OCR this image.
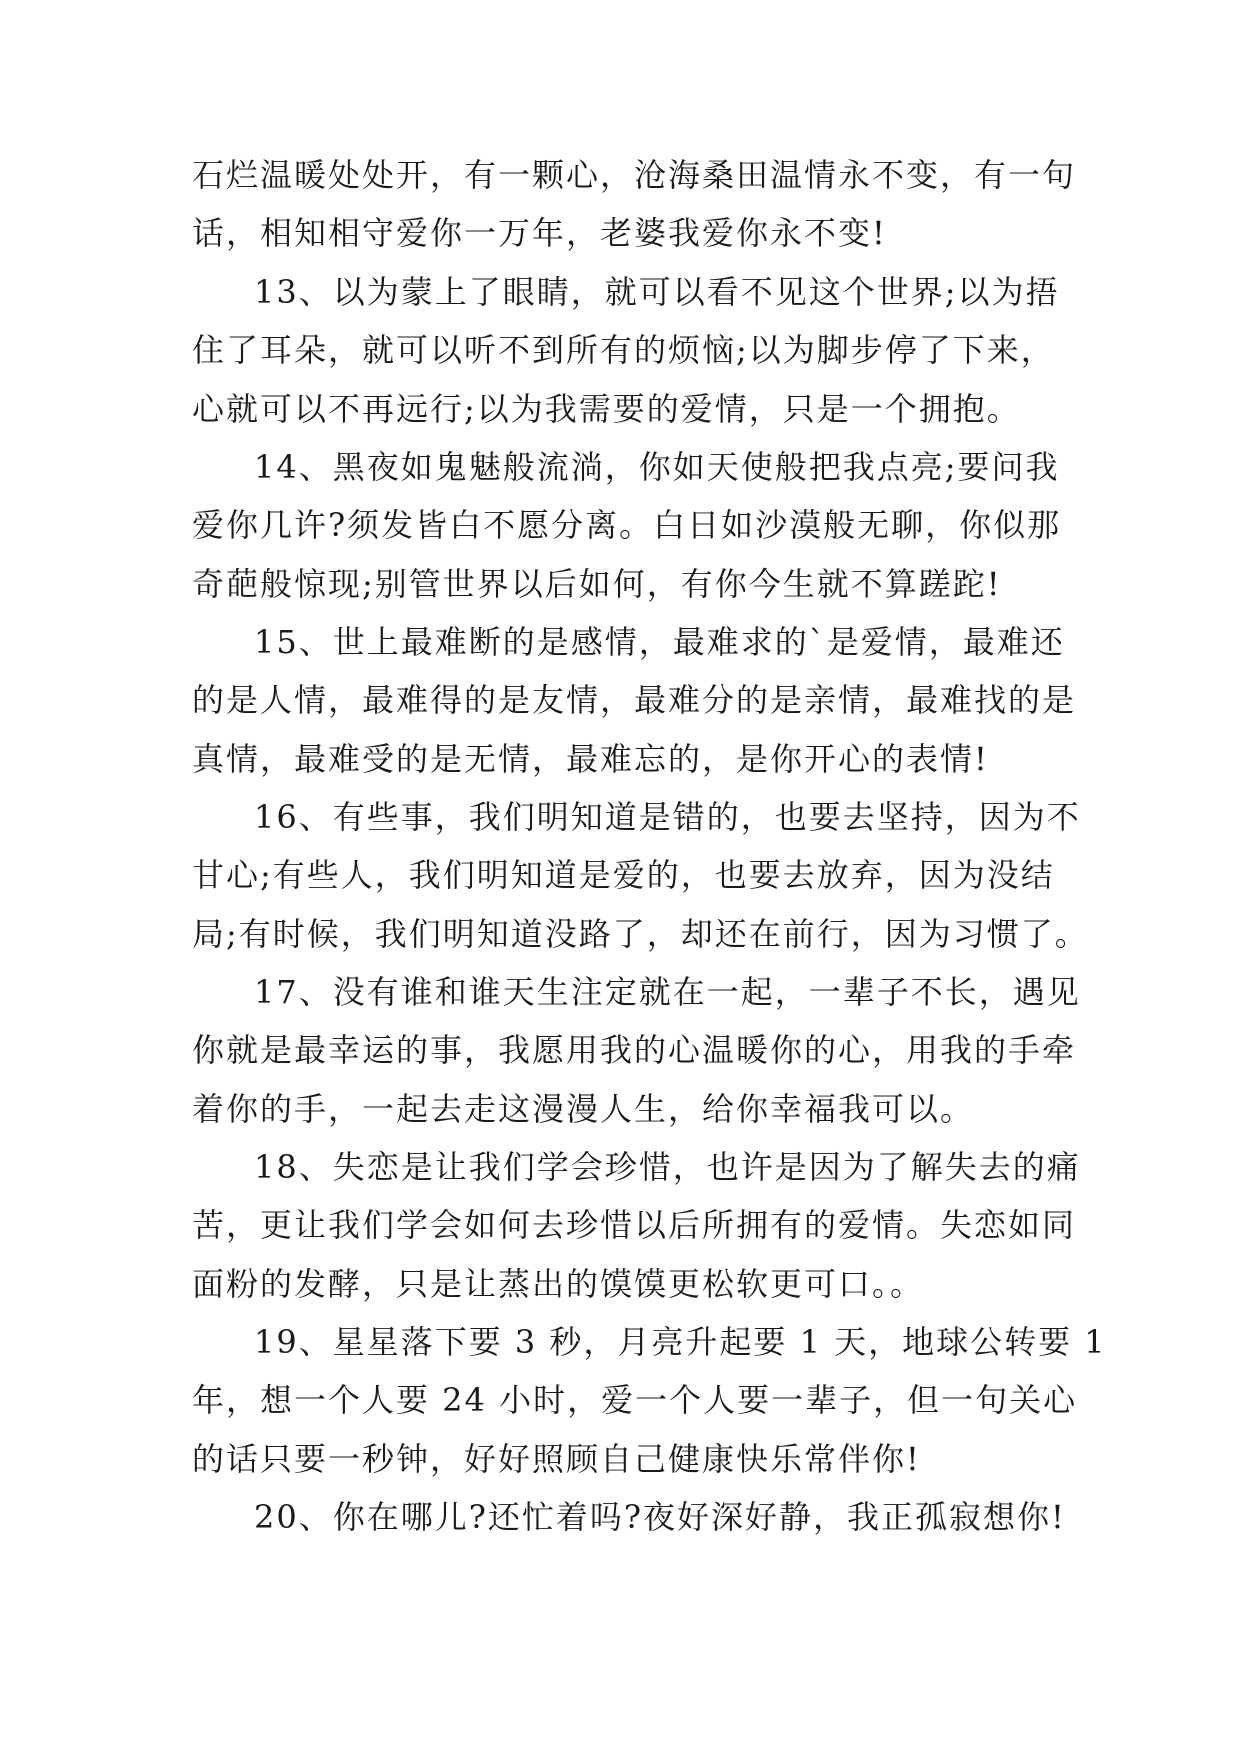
石烂温暖处处开，有一颗心，沧海桑田温情永不变，有一句
话，相知相守爱你一万年，老婆我爱你永不变!
13、以为蒙上了眼睛，就可以看不见这个世界;以为捂
住了耳朵，就可以听不到所有的烦恼;以为脚步停了下来，
心就可以不再远行;以为我需要的爱情，只是一个拥抱。
14、黑夜如鬼魅般流淌，你如天使般把我点亮;要问我
爱你几许?须发皆白不愿分离。白日如沙漠般无聊，你似那
奇葩般惊现;别管世界以后如何，有你今生就不算蹉跎!
15、世上最难断的是感情，最难求的`是爱情，最难还
的是人情，最难得的是友情，最难分的是亲情，最难找的是
真情，最难受的是无情，最难忘的，是你开心的表情!
16、有些事，我们明知道是错的，也要去坚持，因为不
甘心;有些人，我们明知道是爱的，也要去放弃，因为没结
局;有时候，我们明知道没路了，却还在前行，因为习惯了。
17、没有谁和谁天生注定就在一起，一辈子不长，遇见
你就是最幸运的事，我愿用我的心温暖你的心，用我的手牵
着你的手，一起去走这漫漫人生，给你幸福我可以。
18、失恋是让我们学会珍惜，也许是因为了解失去的痛
苦，更让我们学会如何去珍惜以后所拥有的爱情。失恋如同
面粉的发酵，只是让蒸出的馍馍更松软更可口。。
19、星星落下要 3 秒，月亮升起要 1 天，地球公转要 1
年，想一个人要 24 小时，爱一个人要一辈子，但一句关心
的话只要一秒钟，好好照顾自己健康快乐常伴你!
20、你在哪儿?还忙着吗?夜好深好静，我正孤寂想你!
